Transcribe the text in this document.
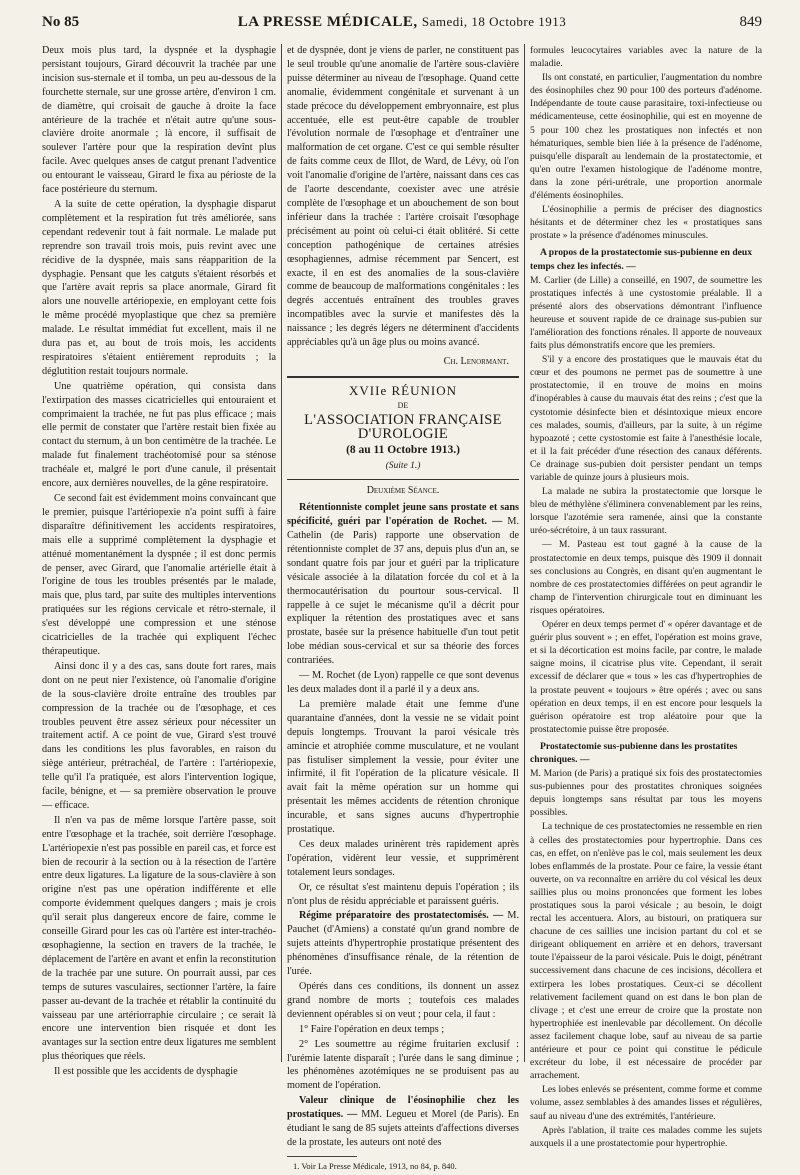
No 85	LA PRESSE MÉDICALE, Samedi, 18 Octobre 1913	849

Deux mois plus tard, la dyspnée et la dysphagie persistant toujours, Girard découvrit la trachée par une incision sus-sternale et il tomba, un peu au-dessous de la fourchette sternale, sur une grosse artère, d'environ 1 cm. de diamètre, qui croisait de gauche à droite la face antérieure de la trachée et n'était autre qu'une sous-clavière droite anormale ; là encore, il suffisait de soulever l'artère pour que la respiration devînt plus facile. Avec quelques anses de catgut prenant l'adventice ou entourant le vaisseau, Girard le fixa au périoste de la face postérieure du sternum.

A la suite de cette opération, la dysphagie disparut complètement et la respiration fut très améliorée, sans cependant redevenir tout à fait normale. Le malade put reprendre son travail trois mois, puis revint avec une récidive de la dyspnée, mais sans réapparition de la dysphagie. Pensant que les catguts s'étaient résorbés et que l'artère avait repris sa place anormale, Girard fit alors une nouvelle artériopexie, en employant cette fois le même procédé myoplastique que chez sa première malade. Le résultat immédiat fut excellent, mais il ne dura pas et, au bout de trois mois, les accidents respiratoires s'étaient entièrement reproduits ; la déglutition restait toujours normale.

Une quatrième opération, qui consista dans l'extirpation des masses cicatricielles qui entouraient et comprimaient la trachée, ne fut pas plus efficace ; mais elle permit de constater que l'artère restait bien fixée au contact du sternum, à un bon centimètre de la trachée. Le malade fut finalement trachéotomisé pour sa sténose trachéale et, malgré le port d'une canule, il présentait encore, aux dernières nouvelles, de la gêne respiratoire.

Ce second fait est évidemment moins convaincant que le premier, puisque l'artériopexie n'a point suffi à faire disparaître définitivement les accidents respiratoires, mais elle a supprimé complètement la dysphagie et atténué momentanément la dyspnée ; il est donc permis de penser, avec Girard, que l'anomalie artérielle était à l'origine de tous les troubles présentés par le malade, mais que, plus tard, par suite des multiples interventions pratiquées sur les régions cervicale et rétro-sternale, il s'est développé une compression et une sténose cicatricielles de la trachée qui expliquent l'échec thérapeutique.

Ainsi donc il y a des cas, sans doute fort rares, mais dont on ne peut nier l'existence, où l'anomalie d'origine de la sous-clavière droite entraîne des troubles par compression de la trachée ou de l'œsophage, et ces troubles peuvent être assez sérieux pour nécessiter un traitement actif. A ce point de vue, Girard s'est trouvé dans les conditions les plus favorables, en raison du siège antérieur, prétrachéal, de l'artère : l'artériopexie, telle qu'il l'a pratiquée, est alors l'intervention logique, facile, bénigne, et — sa première observation le prouve — efficace.

Il n'en va pas de même lorsque l'artère passe, soit entre l'œsophage et la trachée, soit derrière l'œsophage. L'artériopexie n'est pas possible en pareil cas, et force est bien de recourir à la section ou à la résection de l'artère entre deux ligatures. La ligature de la sous-clavière à son origine n'est pas une opération indifférente et elle comporte évidemment quelques dangers ; mais je crois qu'il serait plus dangereux encore de faire, comme le conseille Girard pour les cas où l'artère est inter-trachéo-œsophagienne, la section en travers de la trachée, le déplacement de l'artère en avant et enfin la reconstitution de la trachée par une suture. On pourrait aussi, par ces temps de sutures vasculaires, sectionner l'artère, la faire passer au-devant de la trachée et rétablir la continuité du vaisseau par une artériorraphie circulaire ; ce serait là encore une intervention bien risquée et dont les avantages sur la section entre deux ligatures me semblent plus théoriques que réels.

Il est possible que les accidents de dysphagie

et de dyspnée, dont je viens de parler, ne constituent pas le seul trouble qu'une anomalie de l'artère sous-clavière puisse déterminer au niveau de l'œsophage. Quand cette anomalie, évidemment congénitale et survenant à un stade précoce du développement embryonnaire, est plus accentuée, elle est peut-être capable de troubler l'évolution normale de l'œsophage et d'entraîner une malformation de cet organe. C'est ce qui semble résulter de faits comme ceux de Illot, de Ward, de Lévy, où l'on voit l'anomalie d'origine de l'artère, naissant dans ces cas de l'aorte descendante, coexister avec une atrésie complète de l'œsophage et un abouchement de son bout inférieur dans la trachée : l'artère croisait l'œsophage précisément au point où celui-ci était oblitéré. Si cette conception pathogénique de certaines atrésies œsophagiennes, admise récemment par Sencert, est exacte, il en est des anomalies de la sous-clavière comme de beaucoup de malformations congénitales : les degrés accentués entraînent des troubles graves incompatibles avec la survie et manifestes dès la naissance ; les degrés légers ne déterminent d'accidents appréciables qu'à un âge plus ou moins avancé.

Ch. Lenormant.

XVIIe RÉUNION
DE
L'ASSOCIATION FRANÇAISE D'UROLOGIE
(8 au 11 Octobre 1913.)
(Suite 1.)

Deuxième Séance.

Rétentionniste complet jeune sans prostate et sans spécificité, guéri par l'opération de Rochet. — M. Cathelin (de Paris) rapporte une observation de rétentionniste complet de 37 ans, depuis plus d'un an, se sondant quatre fois par jour et guéri par la triplicature vésicale associée à la dilatation forcée du col et à la thermocautérisation du pourtour sous-cervical. Il rappelle à ce sujet le mécanisme qu'il a décrit pour expliquer la rétention des prostatiques avec et sans prostate, basée sur la présence habituelle d'un tout petit lobe médian sous-cervical et sur sa théorie des forces contrariées.

— M. Rochet (de Lyon) rappelle ce que sont devenus les deux malades dont il a parlé il y a deux ans.

La première malade était une femme d'une quarantaine d'années, dont la vessie ne se vidait point depuis longtemps. Trouvant la paroi vésicale très amincie et atrophiée comme musculature, et ne voulant pas fistuliser simplement la vessie, pour éviter une infirmité, il fit l'opération de la plicature vésicale. Il avait fait la même opération sur un homme qui présentait les mêmes accidents de rétention chronique incurable, et sans signes aucuns d'hypertrophie prostatique.

Ces deux malades urinèrent très rapidement après l'opération, vidèrent leur vessie, et supprimèrent totalement leurs sondages.

Or, ce résultat s'est maintenu depuis l'opération ; ils n'ont plus de résidu appréciable et paraissent guéris.

Régime préparatoire des prostatectomisés. — M. Pauchet (d'Amiens) a constaté qu'un grand nombre de sujets atteints d'hypertrophie prostatique présentent des phénomènes d'insuffisance rénale, de la rétention de l'urée.

Opérés dans ces conditions, ils donnent un assez grand nombre de morts ; toutefois ces malades deviennent opérables si on veut ; pour cela, il faut :

1° Faire l'opération en deux temps ;

2° Les soumettre au régime fruitarien exclusif : l'urémie latente disparaît ; l'urée dans le sang diminue ; les phénomènes azotémiques ne se produisent pas au moment de l'opération.

Valeur clinique de l'éosinophilie chez les prostatiques. — MM. Legueu et Morel (de Paris). En étudiant le sang de 85 sujets atteints d'affections diverses de la prostate, les auteurs ont noté des

1. Voir La Presse Médicale, 1913, no 84, p. 840.

formules leucocytaires variables avec la nature de la maladie.

Ils ont constaté, en particulier, l'augmentation du nombre des éosinophiles chez 90 pour 100 des porteurs d'adénome. Indépendante de toute cause parasitaire, toxi-infectieuse ou médicamenteuse, cette éosinophilie, qui est en moyenne de 5 pour 100 chez les prostatiques non infectés et non hématuriques, semble bien liée à la présence de l'adénome, puisqu'elle disparaît au lendemain de la prostatectomie, et qu'en outre l'examen histologique de l'adénome montre, dans la zone péri-urétrale, une proportion anormale d'éléments éosinophiles.

L'éosinophilie a permis de préciser des diagnostics hésitants et de déterminer chez les « prostatiques sans prostate » la présence d'adénomes minuscules.

A propos de la prostatectomie sus-pubienne en deux temps chez les infectés. —

M. Carlier (de Lille) a conseillé, en 1907, de soumettre les prostatiques infectés à une cystostomie préalable. Il a présenté alors des observations démontrant l'influence heureuse et souvent rapide de ce drainage sus-pubien sur l'amélioration des fonctions rénales. Il apporte de nouveaux faits plus démonstratifs encore que les premiers.

S'il y a encore des prostatiques que le mauvais état du cœur et des poumons ne permet pas de soumettre à une prostatectomie, il en trouve de moins en moins d'inopérables à cause du mauvais état des reins ; c'est que la cystotomie désinfecte bien et désintoxique mieux encore ces malades, soumis, d'ailleurs, par la suite, à un régime hypoazoté ; cette cystostomie est faite à l'anesthésie locale, et il la fait précéder d'une résection des canaux déférents. Ce drainage sus-pubien doit persister pendant un temps variable de quinze jours à plusieurs mois.

La malade ne subira la prostatectomie que lorsque le bleu de méthylène s'éliminera convenablement par les reins, lorsque l'azotémie sera ramenée, ainsi que la constante uréo-sécrétoire, à un taux rassurant.

— M. Pasteau est tout gagné à la cause de la prostatectomie en deux temps, puisque dès 1909 il donnait ses conclusions au Congrès, en disant qu'en augmentant le nombre de ces prostatectomies différées on peut agrandir le champ de l'intervention chirurgicale tout en diminuant les risques opératoires.

Opérer en deux temps permet d' « opérer davantage et de guérir plus souvent » ; en effet, l'opération est moins grave, et si la décortication est moins facile, par contre, le malade saigne moins, il cicatrise plus vite. Cependant, il serait excessif de déclarer que « tous » les cas d'hypertrophies de la prostate peuvent « toujours » être opérés ; avec ou sans opération en deux temps, il en est encore pour lesquels la guérison opératoire est trop aléatoire pour que la prostatectomie puisse être proposée.

Prostatectomie sus-pubienne dans les prostatites chroniques. —

M. Marion (de Paris) a pratiqué six fois des prostatectomies sus-pubiennes pour des prostatites chroniques soignées depuis longtemps sans résultat par tous les moyens possibles.

La technique de ces prostatectomies ne ressemble en rien à celles des prostatectomies pour hypertrophie. Dans ces cas, en effet, on n'enlève pas le col, mais seulement les deux lobes enflammés de la prostate. Pour ce faire, la vessie étant ouverte, on va reconnaître en arrière du col vésical les deux saillies plus ou moins prononcées que forment les lobes prostatiques sous la paroi vésicale ; au besoin, le doigt rectal les accentuera. Alors, au bistouri, on pratiquera sur chacune de ces saillies une incision partant du col et se dirigeant obliquement en arrière et en dehors, traversant toute l'épaisseur de la paroi vésicale. Puis le doigt, pénétrant successivement dans chacune de ces incisions, décollera et extirpera les lobes prostatiques. Ceux-ci se décollent relativement facilement quand on est dans le bon plan de clivage ; et c'est une erreur de croire que la prostate non hypertrophiée est inenlevable par décollement. On décolle assez facilement chaque lobe, sauf au niveau de sa partie antérieure et pour ce point qui constitue le pédicule excréteur du lobe, il est nécessaire de procéder par arrachement.

Les lobes enlevés se présentent, comme forme et comme volume, assez semblables à des amandes lisses et régulières, sauf au niveau d'une des extrémités, l'antérieure.

Après l'ablation, il traite ces malades comme les sujets auxquels il a une prostatectomie pour hypertrophie.
